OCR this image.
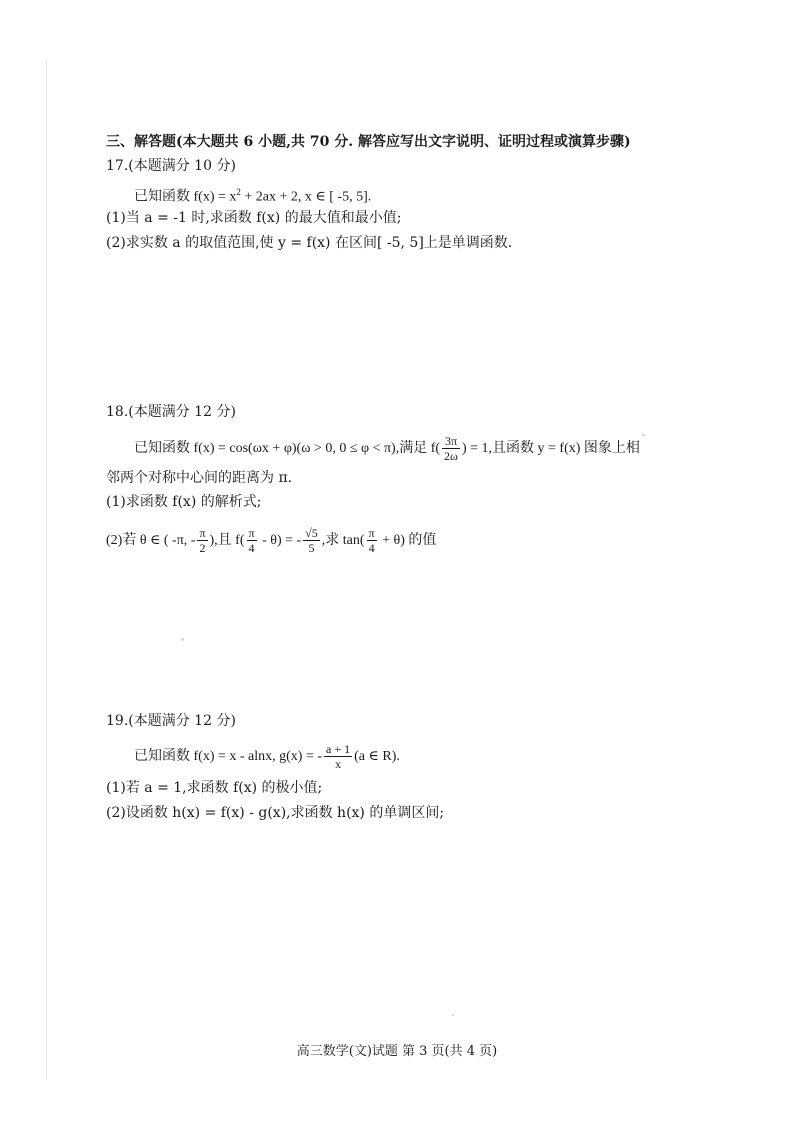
三、解答题(本大题共 6 小题,共 70 分. 解答应写出文字说明、证明过程或演算步骤)
17.(本题满分 10 分)
已知函数 $f(x) = x^2 + 2ax + 2$, x ∈ [ -5, 5].
(1)当 a = -1 时,求函数 f(x) 的最大值和最小值;
(2)求实数 a 的取值范围,使 y = f(x) 在区间[ -5, 5]上是单调函数.
18.(本题满分 12 分)
已知函数 f(x) = cos(ωx + φ)(ω > 0, 0 ≤ φ < π),满足 $f( \frac{3\pi}{2\omega}$ ) = 1,且函数 y = f(x) 图象上相
邻两个对称中心间的距离为 π.
(1)求函数 f(x) 的解析式;
(2)若 θ ∈ ( -π, - $\frac{\pi}{2}$ ),且 $f( \frac{\pi}{4} - \theta)$ = - $\frac{√5}{5}$ ,求 $\tan( \frac{\pi}{4} + \theta)$ 的值
19.(本题满分 12 分)
已知函数 f(x) = x - alnx, g(x) = - $\frac{a + 1}{x} (a$ ∈ R).
(1)若 a = 1,求函数 f(x) 的极小值;
(2)设函数 h(x) = f(x) - g(x),求函数 h(x) 的单调区间;
高三数学(文)试题 第 3 页(共 4 页)
